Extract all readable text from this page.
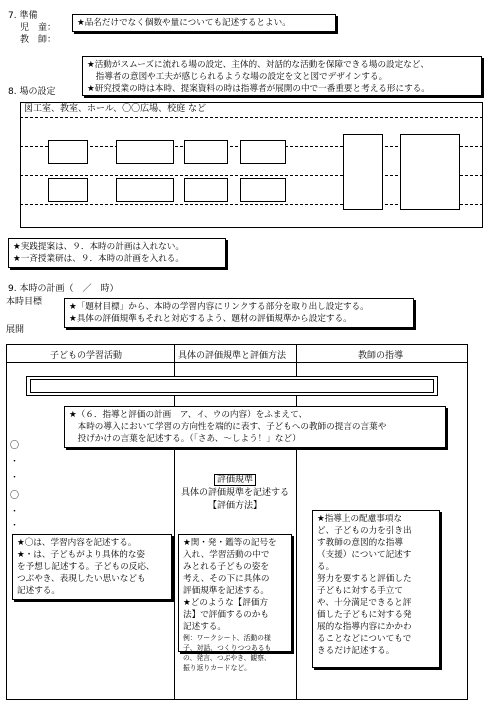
7. 準備
児　童：
教　師：
★品名だけでなく個数や量についても記述するとよい。
★活動がスムーズに流れる場の設定、主体的、対話的な活動を保障できる場の設定など、
　指導者の意図や工夫が感じられるような場の設定を文と図でデザインする。
★研究授業の時は本時、提案資料の時は指導者が展開の中で一番重要と考える形にする。
8. 場の設定
図工室、教室、ホール、〇〇広場、校庭 など
★実践提案は、９．本時の計画は入れない。
★一斉授業研は、９．本時の計画を入れる。
9. 本時の計画（　／　時）
本時目標
展開
★「題材目標」から、本時の学習内容にリンクする部分を取り出し設定する。
★具体の評価規準もそれと対応するよう、題材の評価規準から設定する。
子どもの学習活動	具体の評価規準と評価方法	教師の指導
★（６．指導と評価の計画　ア、イ、ウの内容）をふまえて、
　本時の導入において学習の方向性を端的に表す、子どもへの教師の提言の言葉や
　投げかけの言葉を記述する。（「さあ、〜しよう！」など）
〇
・
・
〇
・
・
★〇は、学習内容を記述する。
★・は、子どもがより具体的な姿
を予想し記述する。子どもの反応、
つぶやき、表現したい思いなども
記述する。
評価規準
具体の評価規準を記述する
【評価方法】
★関・発・鑑等の記号を
入れ、学習活動の中で
みとれる子どもの姿を
考え、その下に具体の
評価規準を記述する。
★どのような【評価方
法】で評価するのかも
記述する。
例：ワークシート、活動の様
子、対話、つくりつつあるも
の、発言、つぶやき、観察、
振り返りカードなど。
★指導上の配慮事項な
ど、子どもの力を引き出
す教師の意図的な指導
（支援）について記述す
る。
努力を要すると評価した
子どもに対する手立て
や、十分満足できると評
価した子どもに対する発
展的な指導内容にかかわ
ることなどについてもで
きるだけ記述する。
